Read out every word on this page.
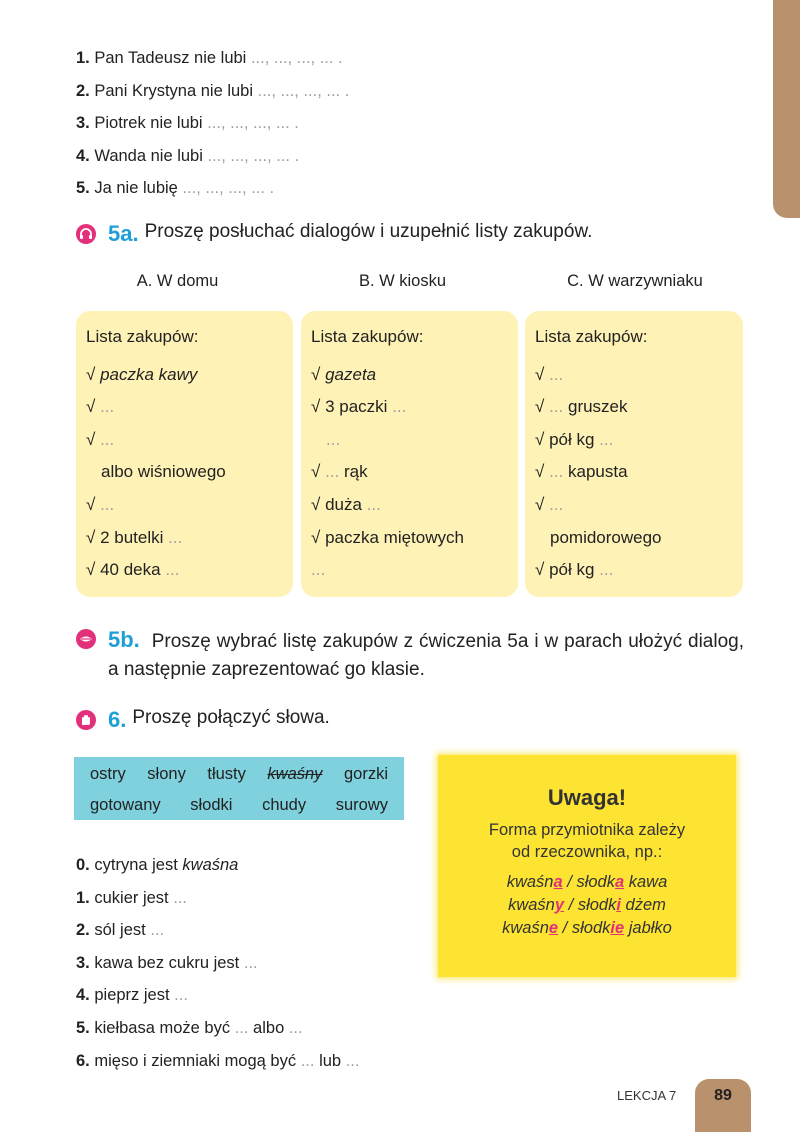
1. Pan Tadeusz nie lubi ..., ..., ..., ... .
2. Pani Krystyna nie lubi ..., ..., ..., ... .
3. Piotrek nie lubi ..., ..., ..., ... .
4. Wanda nie lubi ..., ..., ..., ... .
5. Ja nie lubię ..., ..., ..., ... .
5a. Proszę posłuchać dialogów i uzupełnić listy zakupów.
A. W domu	B. W kiosku	C. W warzywniaku
Lista zakupów:
√ paczka kawy
√ ...
√ ...
albo wiśniowego
√ ...
√ 2 butelki ...
√ 40 deka ...
Lista zakupów:
√ gazeta
√ 3 paczki ...
...
√ ... rąk
√ duża ...
√ paczka miętowych
...
Lista zakupów:
√ ...
√ ... gruszek
√ pół kg ...
√ ... kapusta
√ ...
pomidorowego
√ pół kg ...
5b. Proszę wybrać listę zakupów z ćwiczenia 5a i w parach ułożyć dialog, a następnie zaprezentować go klasie.
6. Proszę połączyć słowa.
ostry słony tłusty kwaśny gorzki
gotowany słodki chudy surowy
0. cytryna jest kwaśna
1. cukier jest ...
2. sól jest ...
3. kawa bez cukru jest ...
4. pieprz jest ...
5. kiełbasa może być ... albo ...
6. mięso i ziemniaki mogą być ... lub ...
Uwaga!
Forma przymiotnika zależy
od rzeczownika, np.:
kwaśna / słodka kawa
kwaśny / słodki dżem
kwaśne / słodkie jabłko
LEKCJA 7	89
